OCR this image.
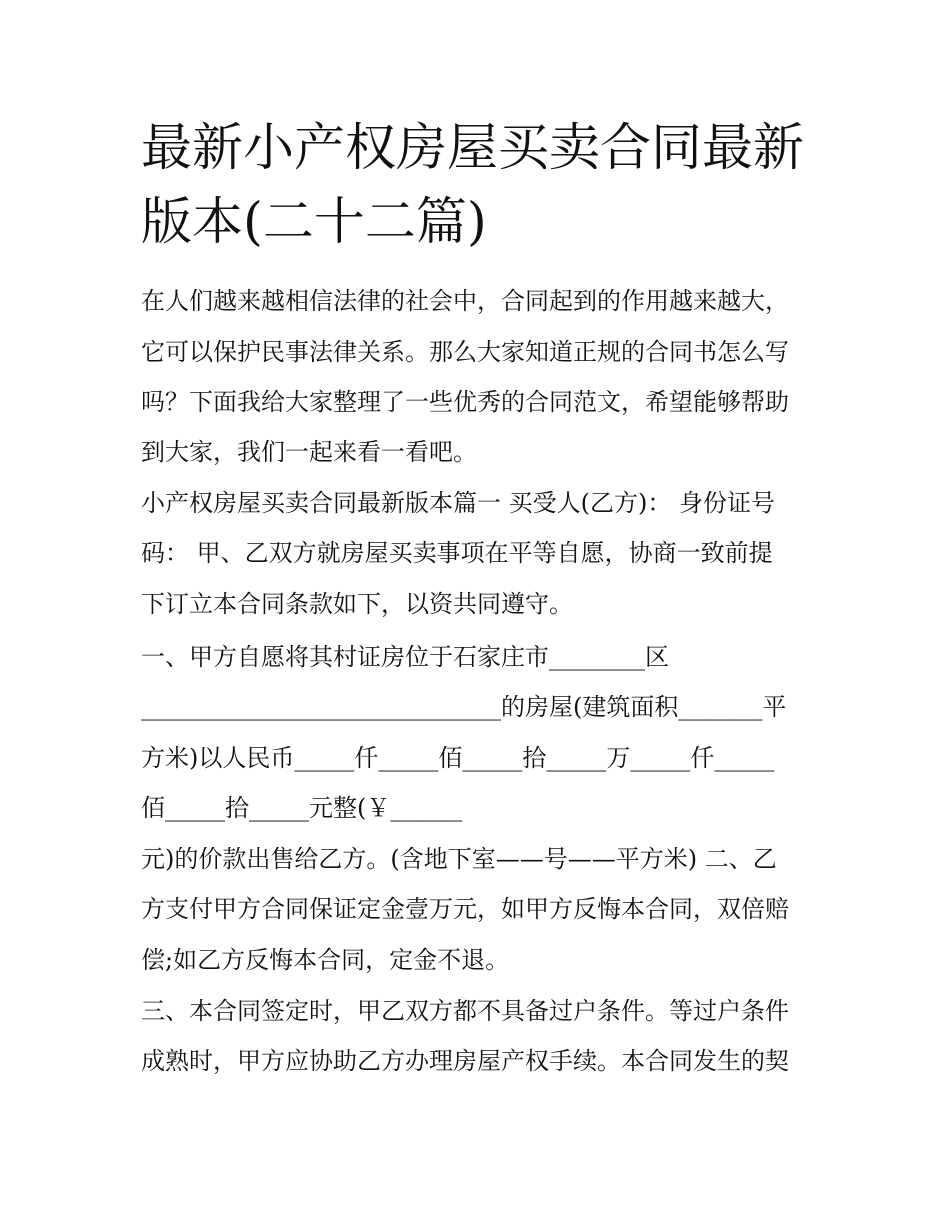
最新小产权房屋买卖合同最新
版本(二十二篇)

在人们越来越相信法律的社会中，合同起到的作用越来越大，

它可以保护民事法律关系。那么大家知道正规的合同书怎么写

吗？下面我给大家整理了一些优秀的合同范文，希望能够帮助

到大家，我们一起来看一看吧。

小产权房屋买卖合同最新版本篇一 买受人(乙方)： 身份证号

码： 甲、乙双方就房屋买卖事项在平等自愿，协商一致前提

下订立本合同条款如下，以资共同遵守。

一、甲方自愿将其村证房位于石家庄市________区

______________________________的房屋(建筑面积_______平

方米)以人民币_____仟_____佰_____拾_____万_____仟_____

佰_____拾_____元整(￥______

元)的价款出售给乙方。(含地下室——号——平方米) 二、乙

方支付甲方合同保证定金壹万元，如甲方反悔本合同，双倍赔

偿;如乙方反悔本合同，定金不退。

三、本合同签定时，甲乙双方都不具备过户条件。等过户条件

成熟时，甲方应协助乙方办理房屋产权手续。本合同发生的契
